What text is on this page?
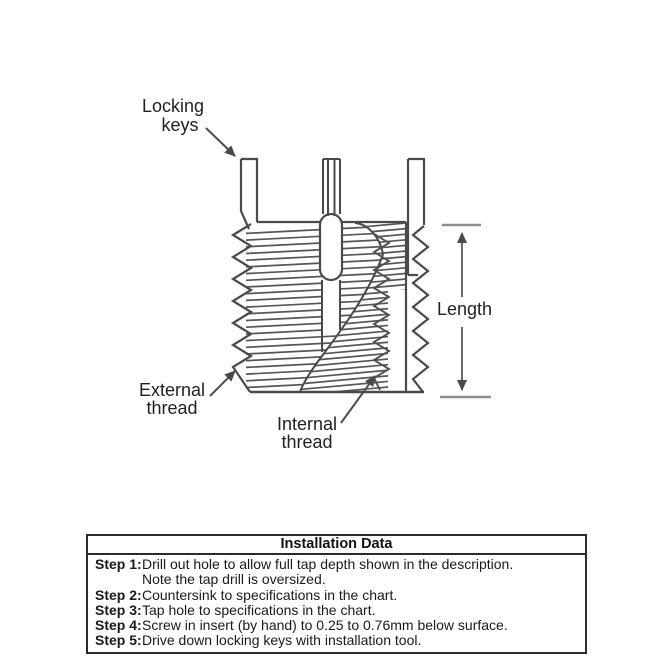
Locking
keys
Length
External
thread
Internal
thread
Installation Data
Step 1: Drill out hole to allow full tap depth shown in the description.
Note the tap drill is oversized.
Step 2: Countersink to specifications in the chart.
Step 3: Tap hole to specifications in the chart.
Step 4: Screw in insert (by hand) to 0.25 to 0.76mm below surface.
Step 5: Drive down locking keys with installation tool.
